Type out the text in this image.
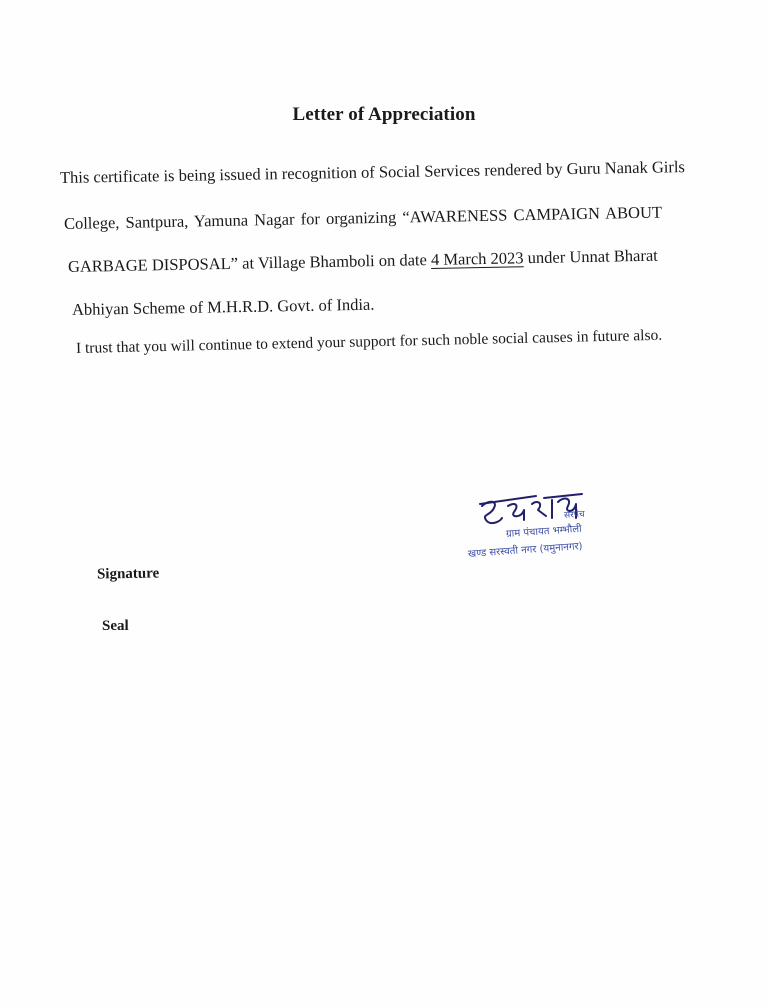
Letter of Appreciation
This certificate is being issued in recognition of Social Services rendered by Guru Nanak Girls
College, Santpura, Yamuna Nagar for organizing “AWARENESS CAMPAIGN ABOUT
GARBAGE DISPOSAL” at Village Bhamboli on date 4 March 2023 under Unnat Bharat
Abhiyan Scheme of M.H.R.D. Govt. of India.
I trust that you will continue to extend your support for such noble social causes in future also.
सरपंच
ग्राम पंचायत भम्भौली
खण्ड सरस्वती नगर (यमुनानगर)
Signature
Seal
